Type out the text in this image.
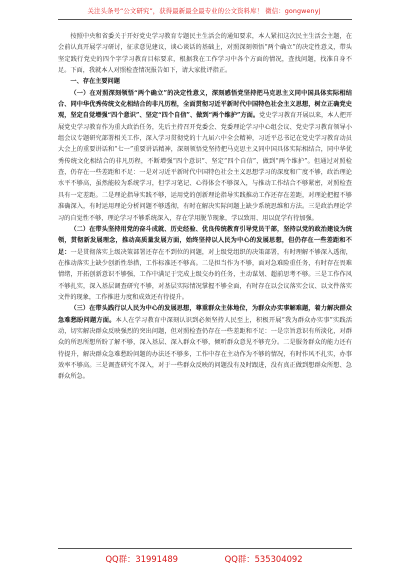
关注头条号“公文研究”，获得最新最全最专业的公文资料库！ 微信：gongwenyj

按照中央和省委关于开好党史学习教育专题民主生活会的通知要求，本人紧扣这次民主生活会主题，在会前认真开展学习研讨，征求意见建议，谈心谈话的基础上，对照深刻领悟“两个确立”的决定性意义，带头坚定践行党史的四个字学习教育目标要求，根据我在工作学习中各个方面的情况，查找问题，找准自身不足。下面，我就本人对照检查情况报告如下，请大家批评指正。

一、存在主要问题

（一）在对照深刻领悟“两个确立”的决定性意义，深刻感悟党坚持把马克思主义同中国具体实际相结合、同中华优秀传统文化相结合的非凡历程，全面贯彻习近平新时代中国特色社会主义思想，树立正确党史观，坚定自觉增强“四个意识”、坚定“四个自信”、做到“两个维护”方面。党史学习教育开展以来，本人把开展党史学习教育作为重大政治任务，先后主持召开党委会、党委理论学习中心组会议、党史学习教育领导小组会议专题研究部署相关工作，深入学习贯彻党的十九届六中全会精神，习近平总书记在党史学习教育动员大会上的重要讲话和“七一”重要讲话精神，深刻领悟党坚持把马克思主义同中国具体实际相结合，同中华优秀传统文化相结合的非凡历程，不断增强“四个意识”、坚定“四个自信”，做到“两个维护”。但通过对照检查，仍存在一些差距和不足：一是对习近平新时代中国特色社会主义思想学习的深度和广度不够，政治理论水平不够高，虽然能较为系统学习，但学习笔记、心得体会不够深入，与推动工作结合不够紧密，对照检查具有一定差距。二是理论指导实践不够，运用党的创新理论指导实践推动工作还存在差距，对理论把握不够准确深入，有时运用理论分析问题不够透彻，有时在解决实际问题上缺少系统思维和方法。三是政治理论学习的自觉性不够，理论学习不够系统深入，存在学用脱节现象，学以致用、用以促学有待加强。

（二）在带头坚持用党的奋斗成就、历史经验、优良传统教育引导党员干部，坚持以党的政治建设为统领，贯彻新发展理念，推动高质量发展方面，始终坚持以人民为中心的发展思想，但仍存在一些差距和不足：一是贯彻落实上级决策部署还存在不到位的问题，对上级党组织的决策部署，有时理解不够深入透彻，在推动落实上缺少创新性举措，工作标准还不够高。二是担当作为不够，面对急难险重任务，有时存在畏难情绪，开拓创新意识不够强，工作中满足于完成上级交办的任务，主动谋划、超前思考不够。三是工作作风不够扎实，深入基层调查研究不够，对基层实际情况掌握不够全面，有时存在以会议落实会议、以文件落实文件的现象，工作推进力度和成效还有待提升。

（三）在带头践行以人民为中心的发展思想，尊重群众主体地位，为群众办实事解难题，着力解决群众急难愁盼问题方面。本人在学习教育中深刻认识到必须坚持人民至上，积极开展“我为群众办实事”实践活动，切实解决群众反映强烈的突出问题，但对照检查仍存在一些差距和不足：一是宗旨意识有所淡化，对群众的所思所想所盼了解不够，深入基层、深入群众不够，倾听群众意见不够充分。二是服务群众的能力还有待提升，解决群众急难愁盼问题的办法还不够多，工作中存在主动作为不够的情况，有时作风不扎实，办事效率不够高。三是调查研究不深入，对于一些群众反映的问题没有及时跟进，没有真正做到想群众所想、急群众所急。

QQ群：31991489	QQ群：535304092
